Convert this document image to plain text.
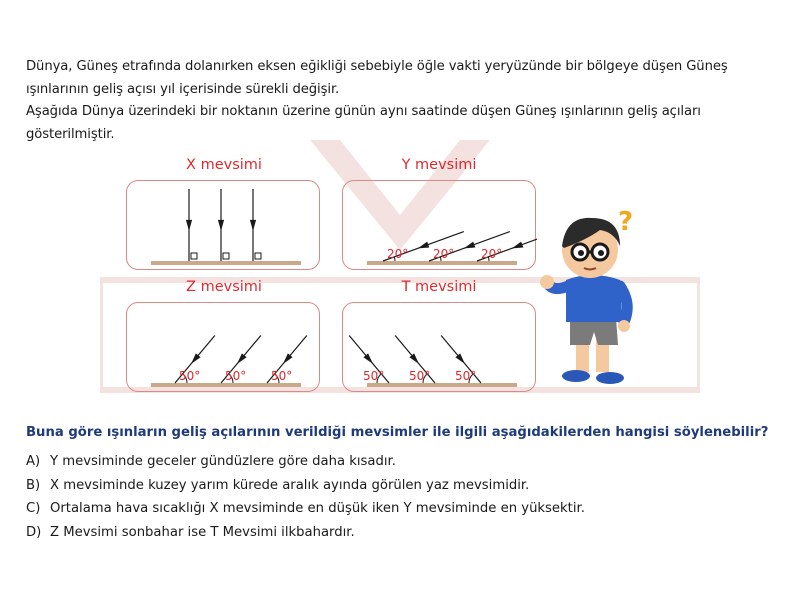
Dünya, Güneş etrafında dolanırken eksen eğikliği sebebiyle öğle vakti yeryüzünde bir bölgeye düşen Güneş ışınlarının geliş açısı yıl içerisinde sürekli değişir.

Aşağıda Dünya üzerindeki bir noktanın üzerine günün aynı saatinde düşen Güneş ışınlarının geliş açıları gösterilmiştir.

X mevsimi	Y mevsimi
Z mevsimi	T mevsimi
20° 20° 20°
50° 50° 50°	50° 50° 50°
?
Buna göre ışınların geliş açılarının verildiği mevsimler ile ilgili aşağıdakilerden hangisi söylenebilir?
A) Y mevsiminde geceler gündüzlere göre daha kısadır.
B) X mevsiminde kuzey yarım kürede aralık ayında görülen yaz mevsimidir.
C) Ortalama hava sıcaklığı X mevsiminde en düşük iken Y mevsiminde en yüksektir.
D) Z Mevsimi sonbahar ise T Mevsimi ilkbahardır.
